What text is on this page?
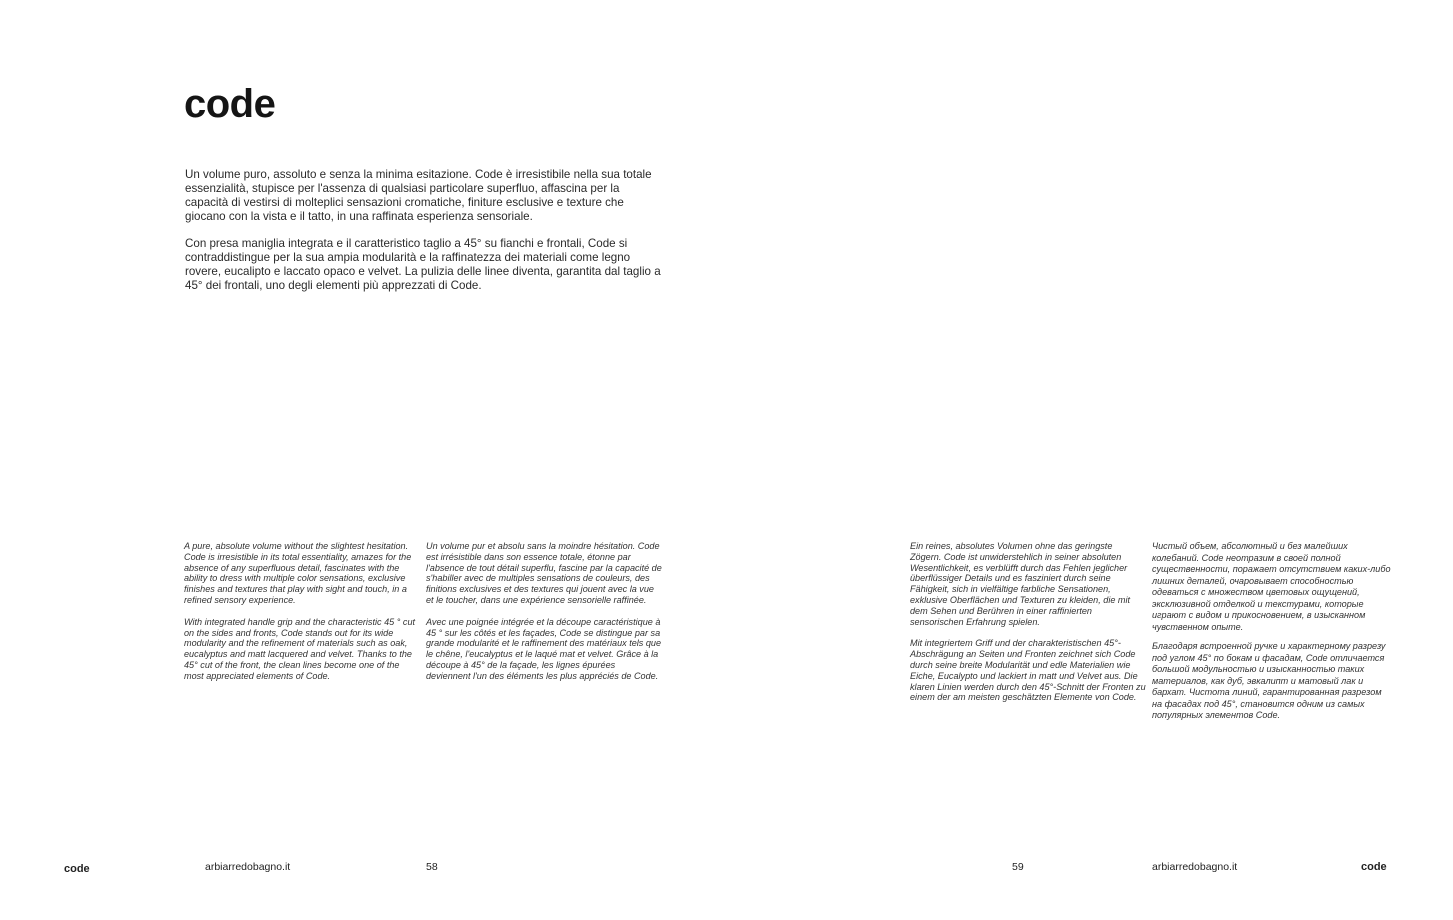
code

Un volume puro, assoluto e senza la minima esitazione. Code è irresistibile nella sua totale essenzialità, stupisce per l'assenza di qualsiasi particolare superfluo, affascina per la capacità di vestirsi di molteplici sensazioni cromatiche, finiture esclusive e texture che giocano con la vista e il tatto, in una raffinata esperienza sensoriale.

Con presa maniglia integrata e il caratteristico taglio a 45° su fianchi e frontali, Code si contraddistingue per la sua ampia modularità e la raffinatezza dei materiali come legno rovere, eucalipto e laccato opaco e velvet. La pulizia delle linee diventa, garantita dal taglio a 45° dei frontali, uno degli elementi più apprezzati di Code.

A pure, absolute volume without the slightest hesitation. Code is irresistible in its total essentiality, amazes for the absence of any superfluous detail, fascinates with the ability to dress with multiple color sensations, exclusive finishes and textures that play with sight and touch, in a refined sensory experience.

With integrated handle grip and the characteristic 45 ° cut on the sides and fronts, Code stands out for its wide modularity and the refinement of materials such as oak, eucalyptus and matt lacquered and velvet. Thanks to the 45° cut of the front, the clean lines become one of the most appreciated elements of Code.

Un volume pur et absolu sans la moindre hésitation. Code est irrésistible dans son essence totale, étonne par l'absence de tout détail superflu, fascine par la capacité de s'habiller avec de multiples sensations de couleurs, des finitions exclusives et des textures qui jouent avec la vue et le toucher, dans une expérience sensorielle raffinée.

Avec une poignée intégrée et la découpe caractéristique à 45 ° sur les côtés et les façades, Code se distingue par sa grande modularité et le raffinement des matériaux tels que le chêne, l'eucalyptus et le laqué mat et velvet. Grâce à la découpe à 45° de la façade, les lignes épurées deviennent l'un des éléments les plus appréciés de Code.

Ein reines, absolutes Volumen ohne das geringste Zögern. Code ist unwiderstehlich in seiner absoluten Wesentlichkeit, es verblüfft durch das Fehlen jeglicher überflüssiger Details und es fasziniert durch seine Fähigkeit, sich in vielfältige farbliche Sensationen, exklusive Oberflächen und Texturen zu kleiden, die mit dem Sehen und Berühren in einer raffinierten sensorischen Erfahrung spielen.

Mit integriertem Griff und der charakteristischen 45°-Abschrägung an Seiten und Fronten zeichnet sich Code durch seine breite Modularität und edle Materialien wie Eiche, Eucalypto und lackiert in matt und Velvet aus. Die klaren Linien werden durch den 45°-Schnitt der Fronten zu einem der am meisten geschätzten Elemente von Code.

Чистый объем, абсолютный и без малейших колебаний. Code неотразим в своей полной существенности, поражает отсутствием каких-либо лишних деталей, очаровывает способностью одеваться с множеством цветовых ощущений, эксклюзивной отделкой и текстурами, которые играют с видом и прикосновением, в изысканном чувственном опыте.

Благодаря встроенной ручке и характерному разрезу под углом 45° по бокам и фасадам, Code отличается большой модульностью и изысканностью таких материалов, как дуб, эвкалипт и матовый лак и бархат. Чистота линий, гарантированная разрезом на фасадах под 45°, становится одним из самых популярных элементов Code.

code	arbiarredobagno.it	58	59	arbiarredobagno.it	code
